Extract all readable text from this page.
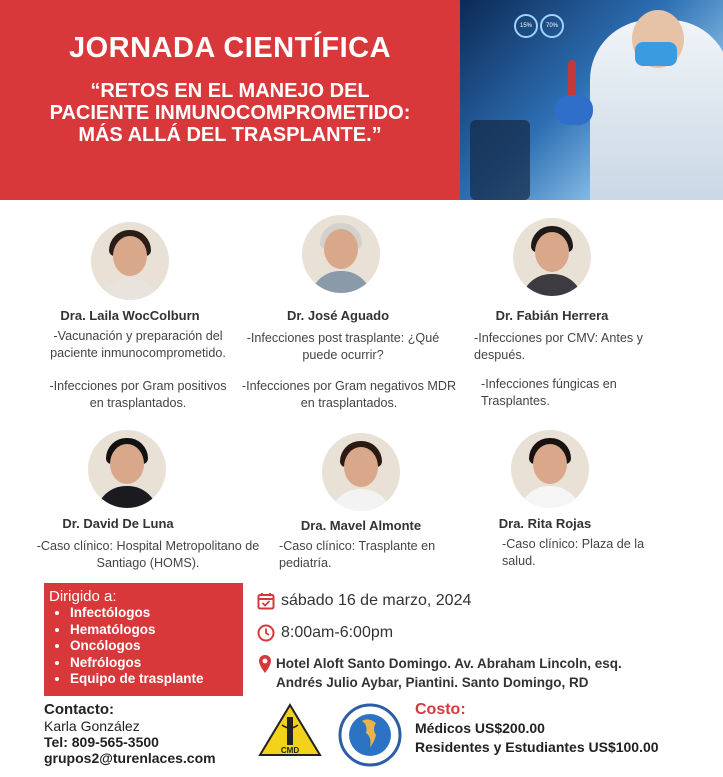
JORNADA CIENTÍFICA
“RETOS EN EL MANEJO DEL
PACIENTE INMUNOCOMPROMETIDO:
MÁS ALLÁ DEL TRASPLANTE.”
15%	70%
Dra. Laila WocColburn
-Vacunación y preparación del paciente inmunocomprometido.
-Infecciones por Gram positivos en trasplantados.
Dr. José Aguado
-Infecciones post trasplante: ¿Qué puede ocurrir?
-Infecciones por Gram negativos MDR en trasplantados.
Dr. Fabián Herrera
-Infecciones por CMV: Antes y después.
-Infecciones fúngicas en Trasplantes.
Dr. David De Luna
-Caso clínico: Hospital Metropolitano de Santiago (HOMS).
Dra. Mavel Almonte
-Caso clínico: Trasplante en pediatría.
Dra. Rita Rojas
-Caso clínico: Plaza de la salud.
Dirigido a:
• Infectólogos
• Hematólogos
• Oncólogos
• Nefrólogos
• Equipo de trasplante
sábado 16 de marzo, 2024
8:00am-6:00pm
Hotel Aloft Santo Domingo. Av. Abraham Lincoln, esq.
Andrés Julio Aybar, Piantini. Santo Domingo, RD
Contacto:
Karla González
Tel: 809-565-3500
grupos2@turenlaces.com	CMD
Costo:
Médicos US$200.00
Residentes y Estudiantes US$100.00
